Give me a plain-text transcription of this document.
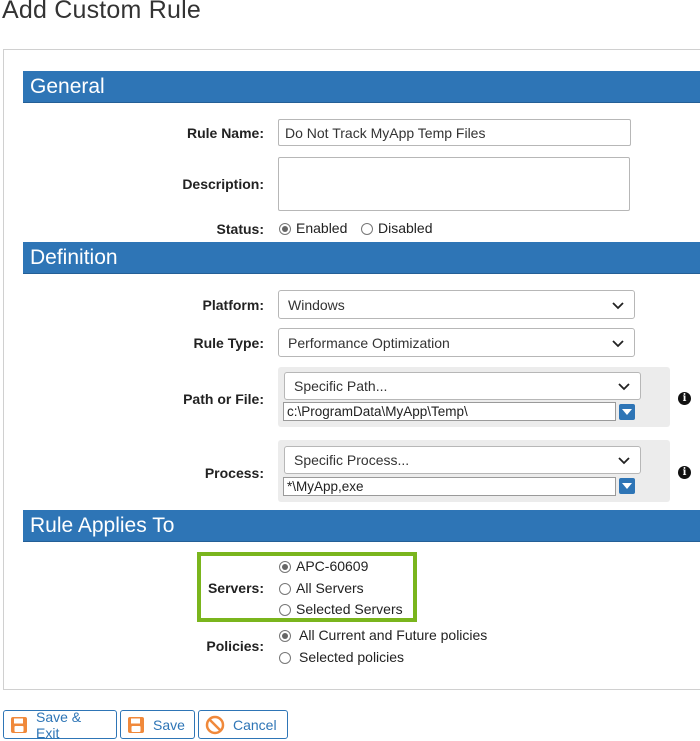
Add Custom Rule
General
Rule Name:	Do Not Track MyApp Temp Files
Description:
Status:	Enabled	Disabled
Definition
Platform: Windows
Rule Type: Performance Optimization
Path or File:
Specific Path...
c:\ProgramData\MyApp\Temp\
i
Process:
Specific Process...
*\MyApp,exe
i
Rule Applies To
Servers:
APC-60609
All Servers
Selected Servers
Policies:
All Current and Future policies
Selected policies
Save & Exit	Save	Cancel
